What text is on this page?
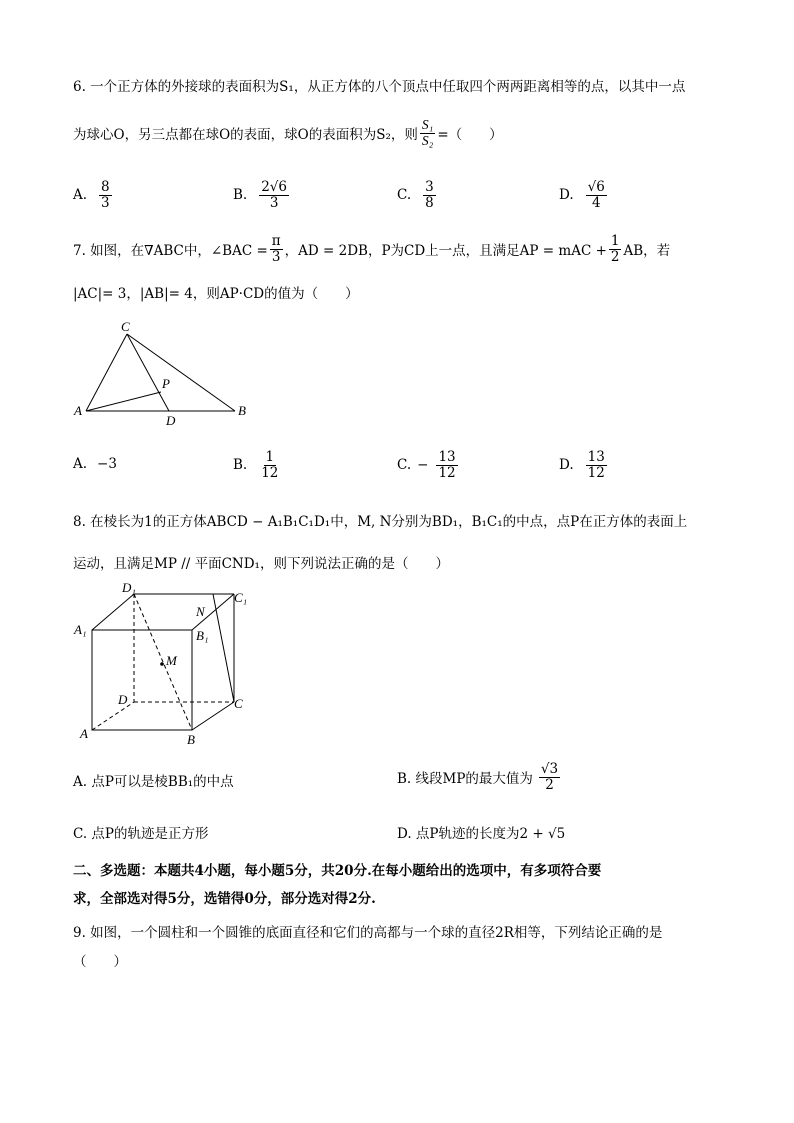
6. 一个正方体的外接球的表面积为S₁，从正方体的八个顶点中任取四个两两距离相等的点，以其中一点
为球心O，另三点都在球O的表面，球O的表面积为S₂，则 $\frac{\text{S₁}}{\text{S₂}}$ =（　　）
A. $\frac{8}{3}$	B. $\frac{2√6}{3}$	C. $\frac{3}{8}$	D. $\frac{√6}{4}$
7. 如图，在∇ABC中，∠BAC = $\frac{\pi}{3}$ ，AD = 2DB，P为CD上一点，且满足AP = mAC + $\frac{1}{2}$ AB，若
|AC|= 3，|AB|= 4，则AP·CD的值为（　　）
C
P
A
D
B
A. −3	B. $\frac{1}{12}$	C. − $\frac{13}{12}$	D. $\frac{13}{12}$
8. 在棱长为1的正方体ABCD − A₁B₁C₁D₁中，M, N分别为BD₁，B₁C₁的中点，点P在正方体的表面上
运动，且满足MP // 平面CND₁，则下列说法正确的是（　　）
D₁
C₁
N
A₁	B₁
M
D	C
A	B
A. 点P可以是棱BB₁的中点	B. 线段MP的最大值为 $\frac{√3}{2}$
C. 点P的轨迹是正方形	D. 点P轨迹的长度为2 + √5
二、多选题：本题共4小题，每小题5分，共20分.在每小题给出的选项中，有多项符合要
求，全部选对得5分，选错得0分，部分选对得2分.
9. 如图，一个圆柱和一个圆锥的底面直径和它们的高都与一个球的直径2R相等，下列结论正确的是
（　　）
